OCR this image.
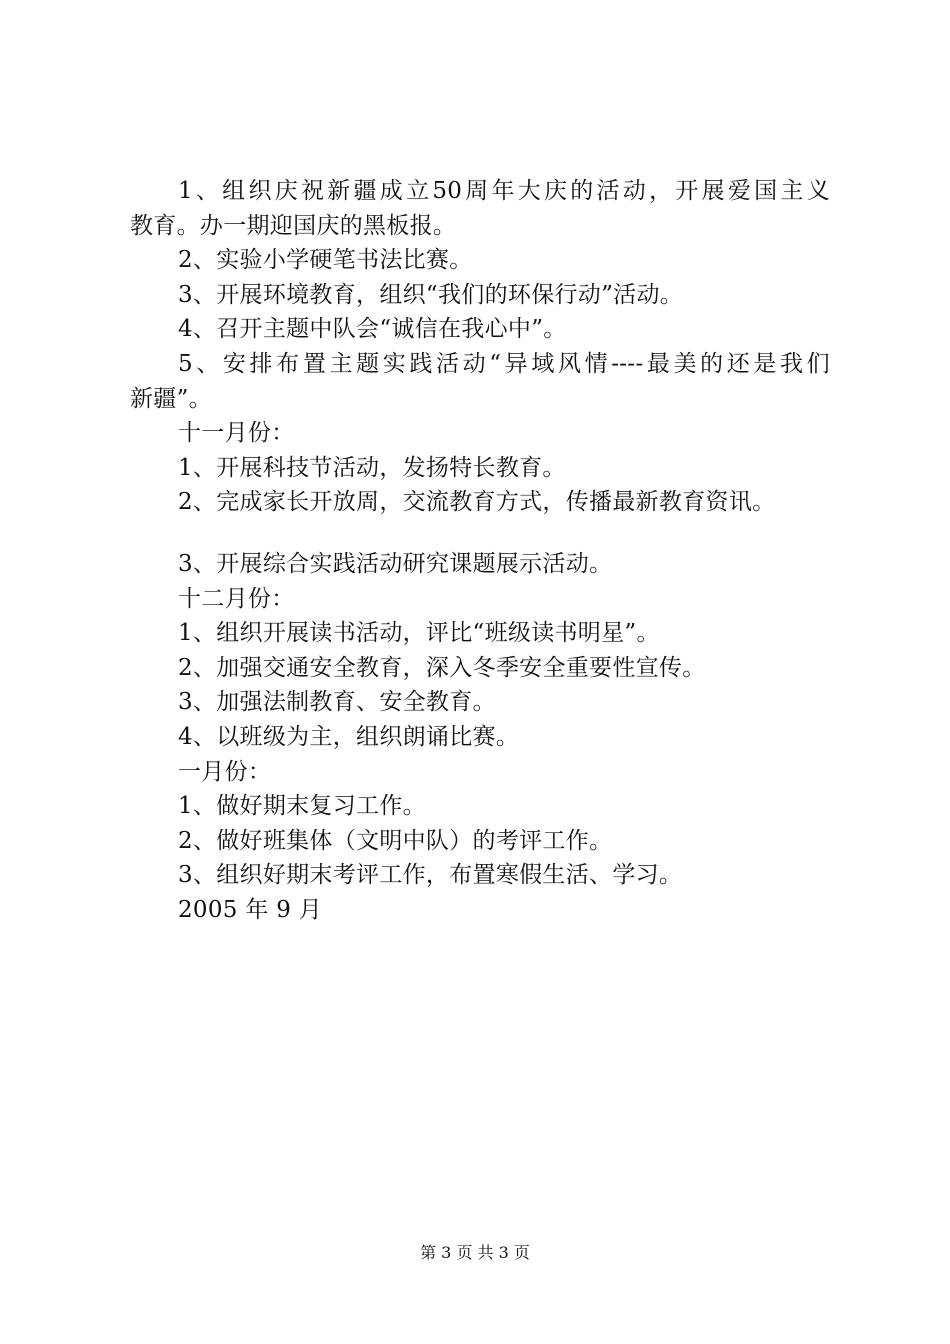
1、组织庆祝新疆成立50周年大庆的活动，开展爱国主义
教育。办一期迎国庆的黑板报。
2、实验小学硬笔书法比赛。
3、开展环境教育，组织“我们的环保行动”活动。
4、召开主题中队会“诚信在我心中”。
5、安排布置主题实践活动“异域风情----最美的还是我们
新疆”。
十一月份：
1、开展科技节活动，发扬特长教育。
2、完成家长开放周，交流教育方式，传播最新教育资讯。
3、开展综合实践活动研究课题展示活动。
十二月份：
1、组织开展读书活动，评比“班级读书明星”。
2、加强交通安全教育，深入冬季安全重要性宣传。
3、加强法制教育、安全教育。
4、以班级为主，组织朗诵比赛。
一月份：
1、做好期末复习工作。
2、做好班集体（文明中队）的考评工作。
3、组织好期末考评工作，布置寒假生活、学习。
2005 年 9 月
第 3 页 共 3 页
